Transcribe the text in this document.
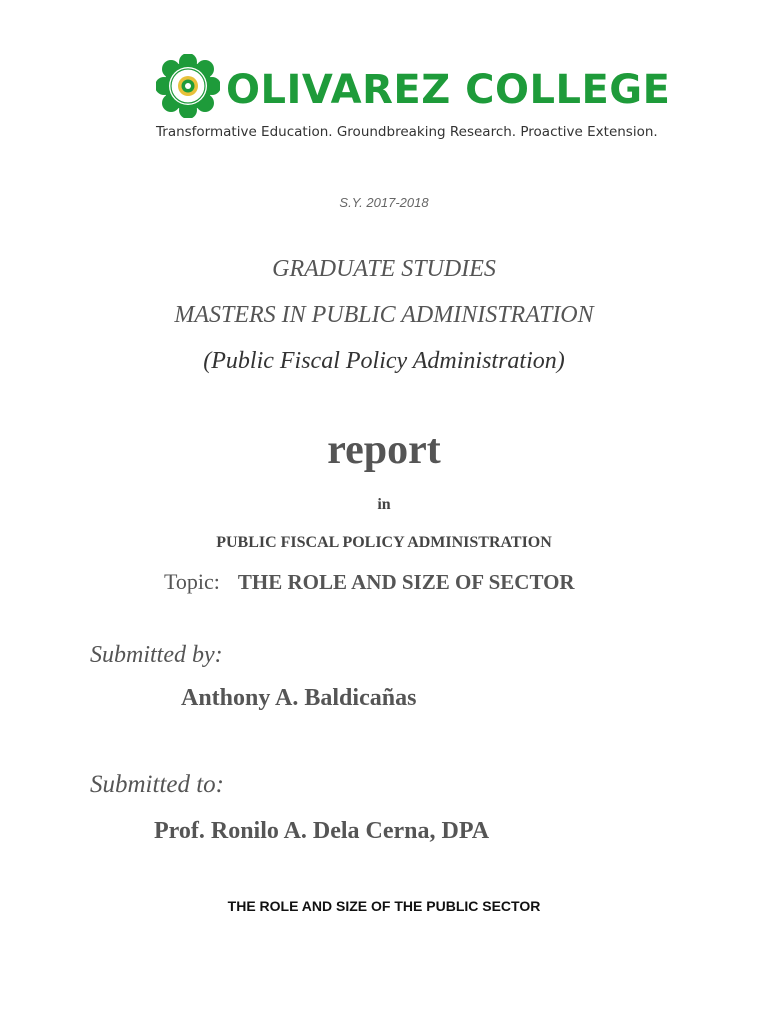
OLIVAREZ COLLEGE
Transformative Education. Groundbreaking Research. Proactive Extension.
S.Y. 2017-2018
GRADUATE STUDIES
MASTERS IN PUBLIC ADMINISTRATION
(Public Fiscal Policy Administration)
report
in
PUBLIC FISCAL POLICY ADMINISTRATION
Topic: THE ROLE AND SIZE OF SECTOR
Submitted by:
Anthony A. Baldicañas
Submitted to:
Prof. Ronilo A. Dela Cerna, DPA
THE ROLE AND SIZE OF THE PUBLIC SECTOR
